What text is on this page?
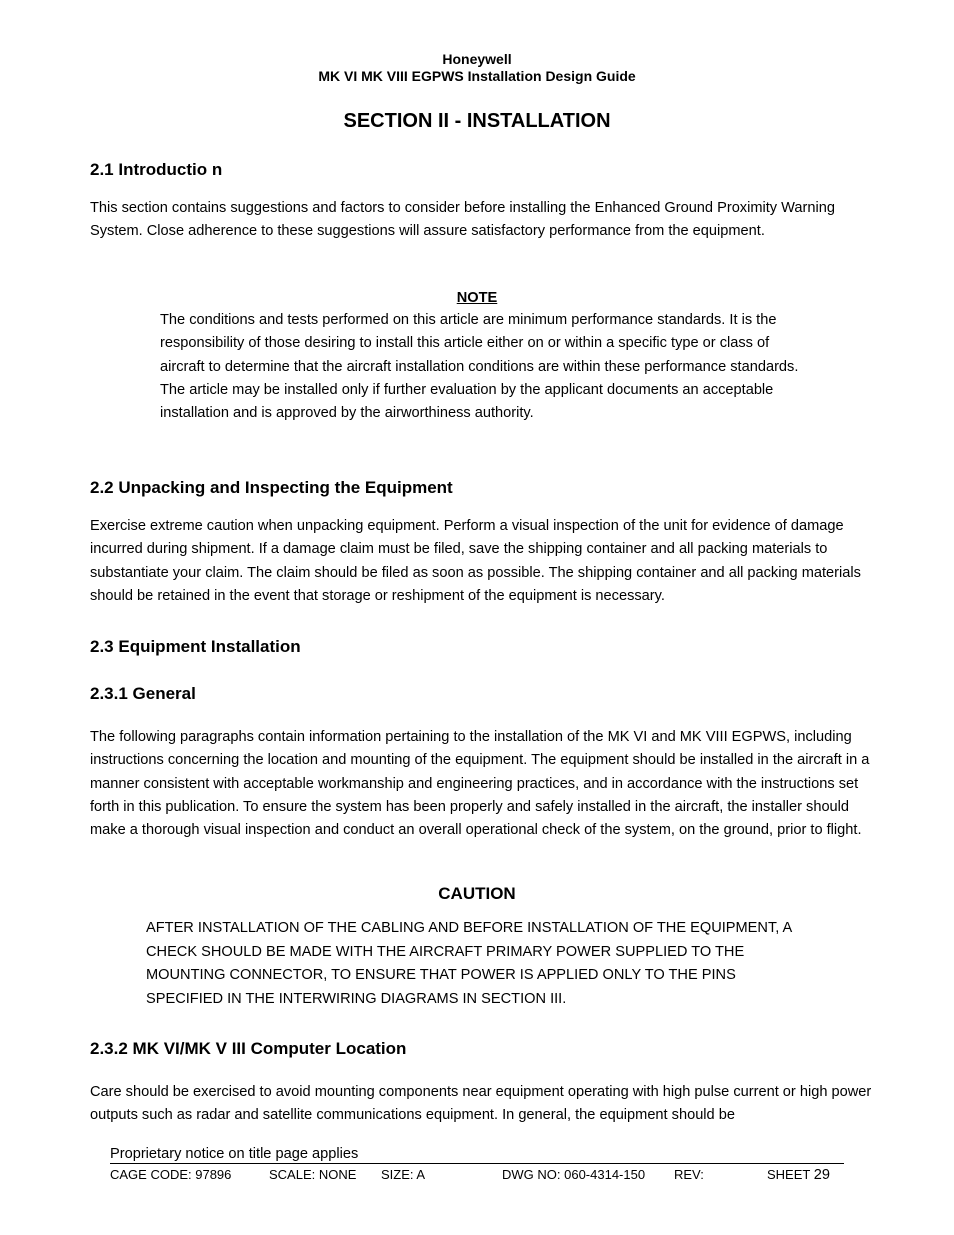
Honeywell
MK VI MK VIII EGPWS Installation Design Guide
SECTION II - INSTALLATION
2.1 Introductio n

This section contains suggestions and factors to consider before installing the Enhanced Ground Proximity Warning System. Close adherence to these suggestions will assure satisfactory performance from the equipment.

NOTE

The conditions and tests performed on this article are minimum performance standards. It is the responsibility of those desiring to install this article either on or within a specific type or class of aircraft to determine that the aircraft installation conditions are within these performance standards. The article may be installed only if further evaluation by the applicant documents an acceptable installation and is approved by the airworthiness authority.

2.2 Unpacking and Inspecting the Equipment

Exercise extreme caution when unpacking equipment. Perform a visual inspection of the unit for evidence of damage incurred during shipment. If a damage claim must be filed, save the shipping container and all packing materials to substantiate your claim. The claim should be filed as soon as possible. The shipping container and all packing materials should be retained in the event that storage or reshipment of the equipment is necessary.

2.3 Equipment Installation
2.3.1 General

The following paragraphs contain information pertaining to the installation of the MK VI and MK VIII EGPWS, including instructions concerning the location and mounting of the equipment. The equipment should be installed in the aircraft in a manner consistent with acceptable workmanship and engineering practices, and in accordance with the instructions set forth in this publication. To ensure the system has been properly and safely installed in the aircraft, the installer should make a thorough visual inspection and conduct an overall operational check of the system, on the ground, prior to flight.

CAUTION

AFTER INSTALLATION OF THE CABLING AND BEFORE INSTALLATION OF THE EQUIPMENT, A CHECK SHOULD BE MADE WITH THE AIRCRAFT PRIMARY POWER SUPPLIED TO THE MOUNTING CONNECTOR, TO ENSURE THAT POWER IS APPLIED ONLY TO THE PINS SPECIFIED IN THE INTERWIRING DIAGRAMS IN SECTION III.

2.3.2 MK VI/MK V III Computer Location

Care should be exercised to avoid mounting components near equipment operating with high pulse current or high power outputs such as radar and satellite communications equipment. In general, the equipment should be

Proprietary notice on title page applies
CAGE CODE: 97896	SCALE: NONE SIZE: A	DWG NO: 060-4314-150 REV:	SHEET 29
